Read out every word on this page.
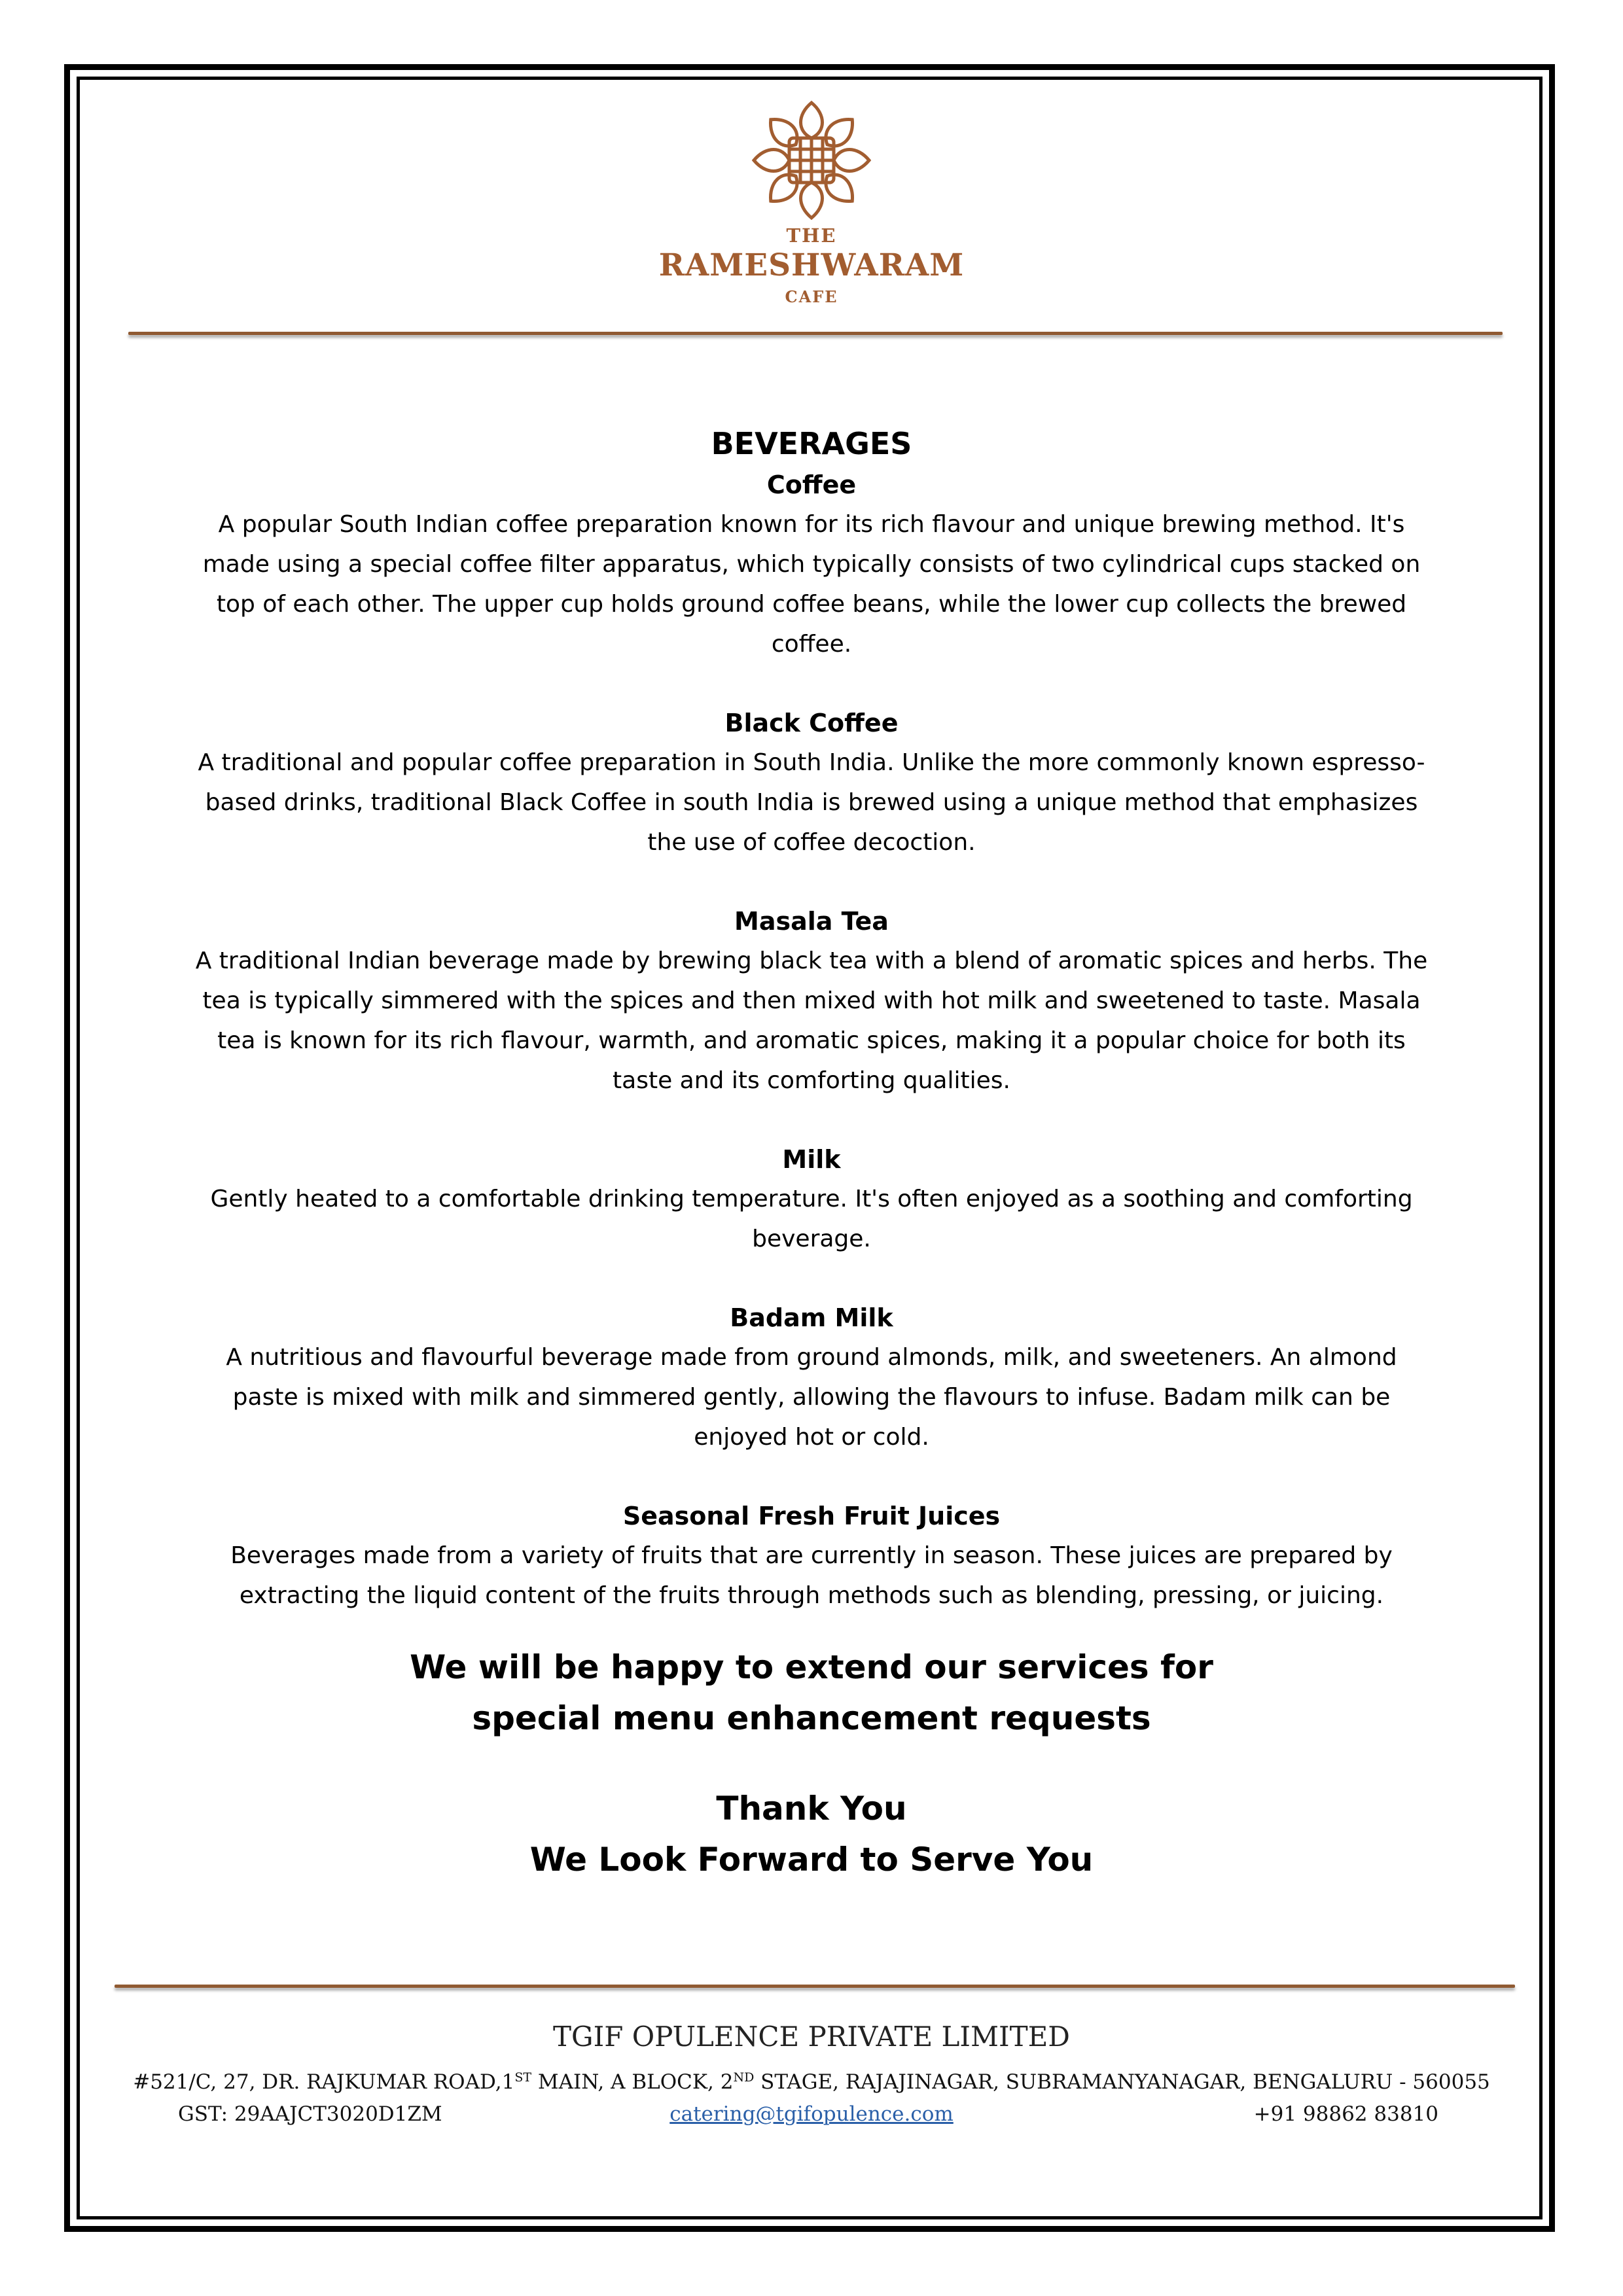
THE
RAMESHWARAM
CAFE
BEVERAGES

Coffee

A popular South Indian coffee preparation known for its rich flavour and unique brewing method. It's made using a special coffee filter apparatus, which typically consists of two cylindrical cups stacked on top of each other. The upper cup holds ground coffee beans, while the lower cup collects the brewed coffee.

Black Coffee

A traditional and popular coffee preparation in South India. Unlike the more commonly known espresso-based drinks, traditional Black Coffee in south India is brewed using a unique method that emphasizes the use of coffee decoction.

Masala Tea

A traditional Indian beverage made by brewing black tea with a blend of aromatic spices and herbs. The tea is typically simmered with the spices and then mixed with hot milk and sweetened to taste. Masala tea is known for its rich flavour, warmth, and aromatic spices, making it a popular choice for both its taste and its comforting qualities.

Milk

Gently heated to a comfortable drinking temperature. It's often enjoyed as a soothing and comforting beverage.

Badam Milk

A nutritious and flavourful beverage made from ground almonds, milk, and sweeteners. An almond paste is mixed with milk and simmered gently, allowing the flavours to infuse. Badam milk can be enjoyed hot or cold.

Seasonal Fresh Fruit Juices

Beverages made from a variety of fruits that are currently in season. These juices are prepared by extracting the liquid content of the fruits through methods such as blending, pressing, or juicing.

We will be happy to extend our services for

special menu enhancement requests

Thank You

We Look Forward to Serve You

TGIF OPULENCE PRIVATE LIMITED
#521/C, 27, DR. RAJKUMAR ROAD,1ST MAIN, A BLOCK, 2ND STAGE, RAJAJINAGAR, SUBRAMANYANAGAR, BENGALURU - 560055
GST: 29AAJCT3020D1ZM	catering@tgifopulence.com	+91 98862 83810
